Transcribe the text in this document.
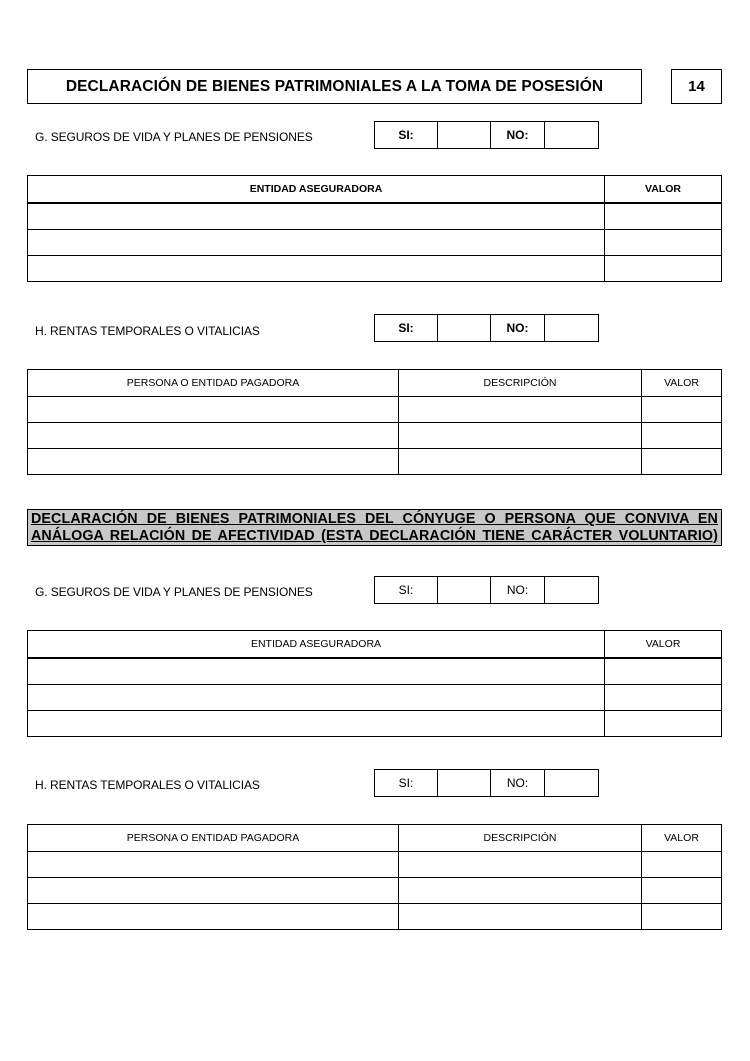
DECLARACIÓN DE BIENES PATRIMONIALES A LA TOMA DE POSESIÓN	14
G. SEGUROS DE VIDA Y PLANES DE PENSIONES	SI:	NO:
ENTIDAD ASEGURADORA	VALOR

H. RENTAS TEMPORALES O VITALICIAS	SI:	NO:
PERSONA O ENTIDAD PAGADORA	DESCRIPCIÓN	VALOR

DECLARACIÓN DE BIENES PATRIMONIALES DEL CÓNYUGE O PERSONA QUE CONVIVA EN
ANÁLOGA RELACIÓN DE AFECTIVIDAD (ESTA DECLARACIÓN TIENE CARÁCTER VOLUNTARIO)
G. SEGUROS DE VIDA Y PLANES DE PENSIONES	SI:	NO:
ENTIDAD ASEGURADORA	VALOR

H. RENTAS TEMPORALES O VITALICIAS	SI:	NO:
PERSONA O ENTIDAD PAGADORA	DESCRIPCIÓN	VALOR
